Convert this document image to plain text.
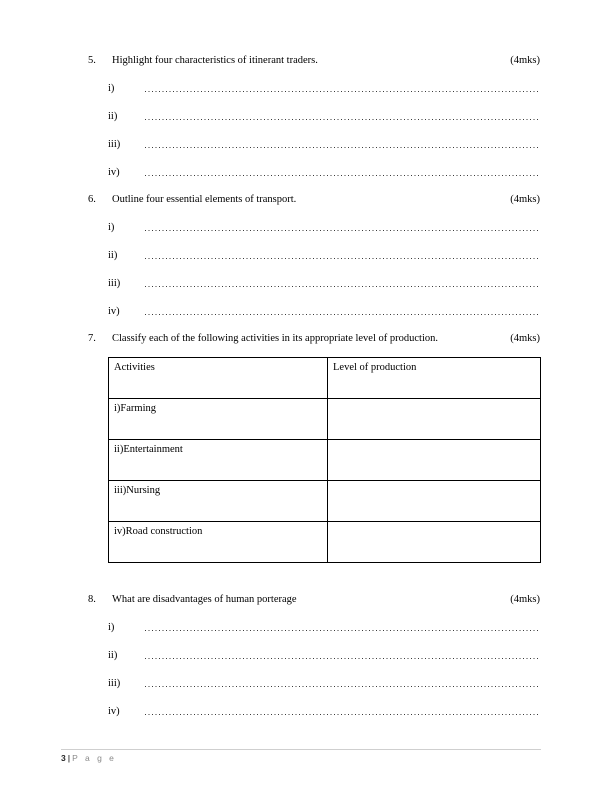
5.	Highlight four characteristics of itinerant traders.	(4mks)
i)
ii)
iii)
iv)
6.	Outline four essential elements of transport.	(4mks)
i)
ii)
iii)
iv)
7.	Classify each of the following activities in its appropriate level of production.	(4mks)
Activities	Level of production
i)Farming	
ii)Entertainment	
iii)Nursing	
iv)Road construction	
8.	What are disadvantages of human porterage	(4mks)
i)
ii)
iii)
iv)
3 | P a g e
